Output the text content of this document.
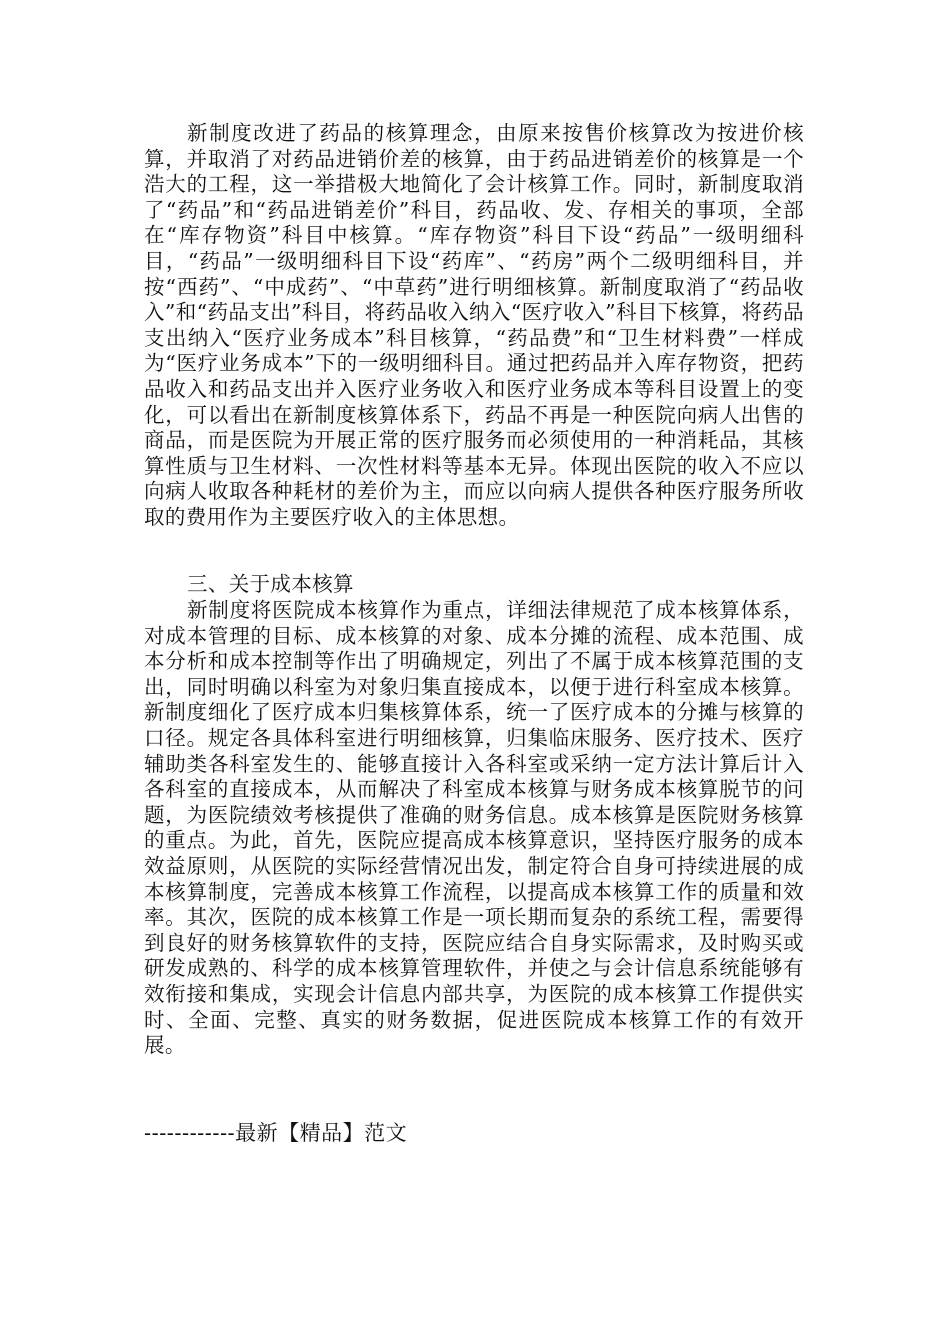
新制度改进了药品的核算理念，由原来按售价核算改为按进价核算，并取消了对药品进销价差的核算，由于药品进销差价的核算是一个浩大的工程，这一举措极大地简化了会计核算工作。同时，新制度取消了“药品”和“药品进销差价”科目，药品收、发、存相关的事项，全部在“库存物资”科目中核算。“库存物资”科目下设“药品”一级明细科目，“药品”一级明细科目下设“药库”、“药房”两个二级明细科目，并按“西药”、“中成药”、“中草药”进行明细核算。新制度取消了“药品收入”和“药品支出”科目，将药品收入纳入“医疗收入”科目下核算，将药品支出纳入“医疗业务成本”科目核算，“药品费”和“卫生材料费”一样成为“医疗业务成本”下的一级明细科目。通过把药品并入库存物资，把药品收入和药品支出并入医疗业务收入和医疗业务成本等科目设置上的变化，可以看出在新制度核算体系下，药品不再是一种医院向病人出售的商品，而是医院为开展正常的医疗服务而必须使用的一种消耗品，其核算性质与卫生材料、一次性材料等基本无异。体现出医院的收入不应以向病人收取各种耗材的差价为主，而应以向病人提供各种医疗服务所收取的费用作为主要医疗收入的主体思想。

三、关于成本核算

新制度将医院成本核算作为重点，详细法律规范了成本核算体系，对成本管理的目标、成本核算的对象、成本分摊的流程、成本范围、成本分析和成本控制等作出了明确规定，列出了不属于成本核算范围的支出，同时明确以科室为对象归集直接成本，以便于进行科室成本核算。新制度细化了医疗成本归集核算体系，统一了医疗成本的分摊与核算的口径。规定各具体科室进行明细核算，归集临床服务、医疗技术、医疗辅助类各科室发生的、能够直接计入各科室或采纳一定方法计算后计入各科室的直接成本，从而解决了科室成本核算与财务成本核算脱节的问题，为医院绩效考核提供了准确的财务信息。成本核算是医院财务核算的重点。为此，首先，医院应提高成本核算意识，坚持医疗服务的成本效益原则，从医院的实际经营情况出发，制定符合自身可持续进展的成本核算制度，完善成本核算工作流程，以提高成本核算工作的质量和效率。其次，医院的成本核算工作是一项长期而复杂的系统工程，需要得到良好的财务核算软件的支持，医院应结合自身实际需求，及时购买或研发成熟的、科学的成本核算管理软件，并使之与会计信息系统能够有效衔接和集成，实现会计信息内部共享，为医院的成本核算工作提供实时、全面、完整、真实的财务数据，促进医院成本核算工作的有效开展。

------------最新【精品】范文
